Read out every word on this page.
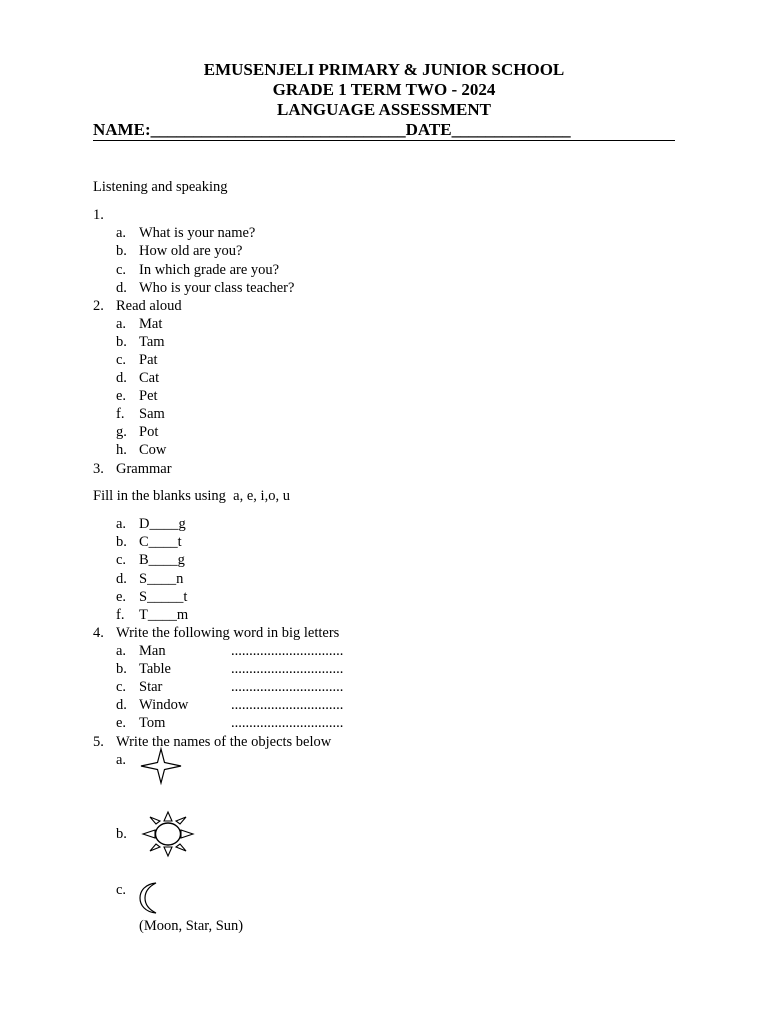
EMUSENJELI PRIMARY & JUNIOR SCHOOL
GRADE 1 TERM TWO - 2024
LANGUAGE ASSESSMENT
NAME:______________________________DATE______________
Listening and speaking
1.
a. What is your name?
b. How old are you?
c. In which grade are you?
d. Who is your class teacher?
2. Read aloud
a. Mat
b. Tam
c. Pat
d. Cat
e. Pet
f. Sam
g. Pot
h. Cow
3. Grammar
Fill in the blanks using  a, e, i,o, u
a. D____g
b. C____t
c. B____g
d. S____n
e. S_____t
f. T____m
4. Write the following word in big letters
a. Man	...............................
b. Table	...............................
c. Star	...............................
d. Window	...............................
e. Tom	...............................
5. Write the names of the objects below
a.
b.
c.
(Moon, Star, Sun)
